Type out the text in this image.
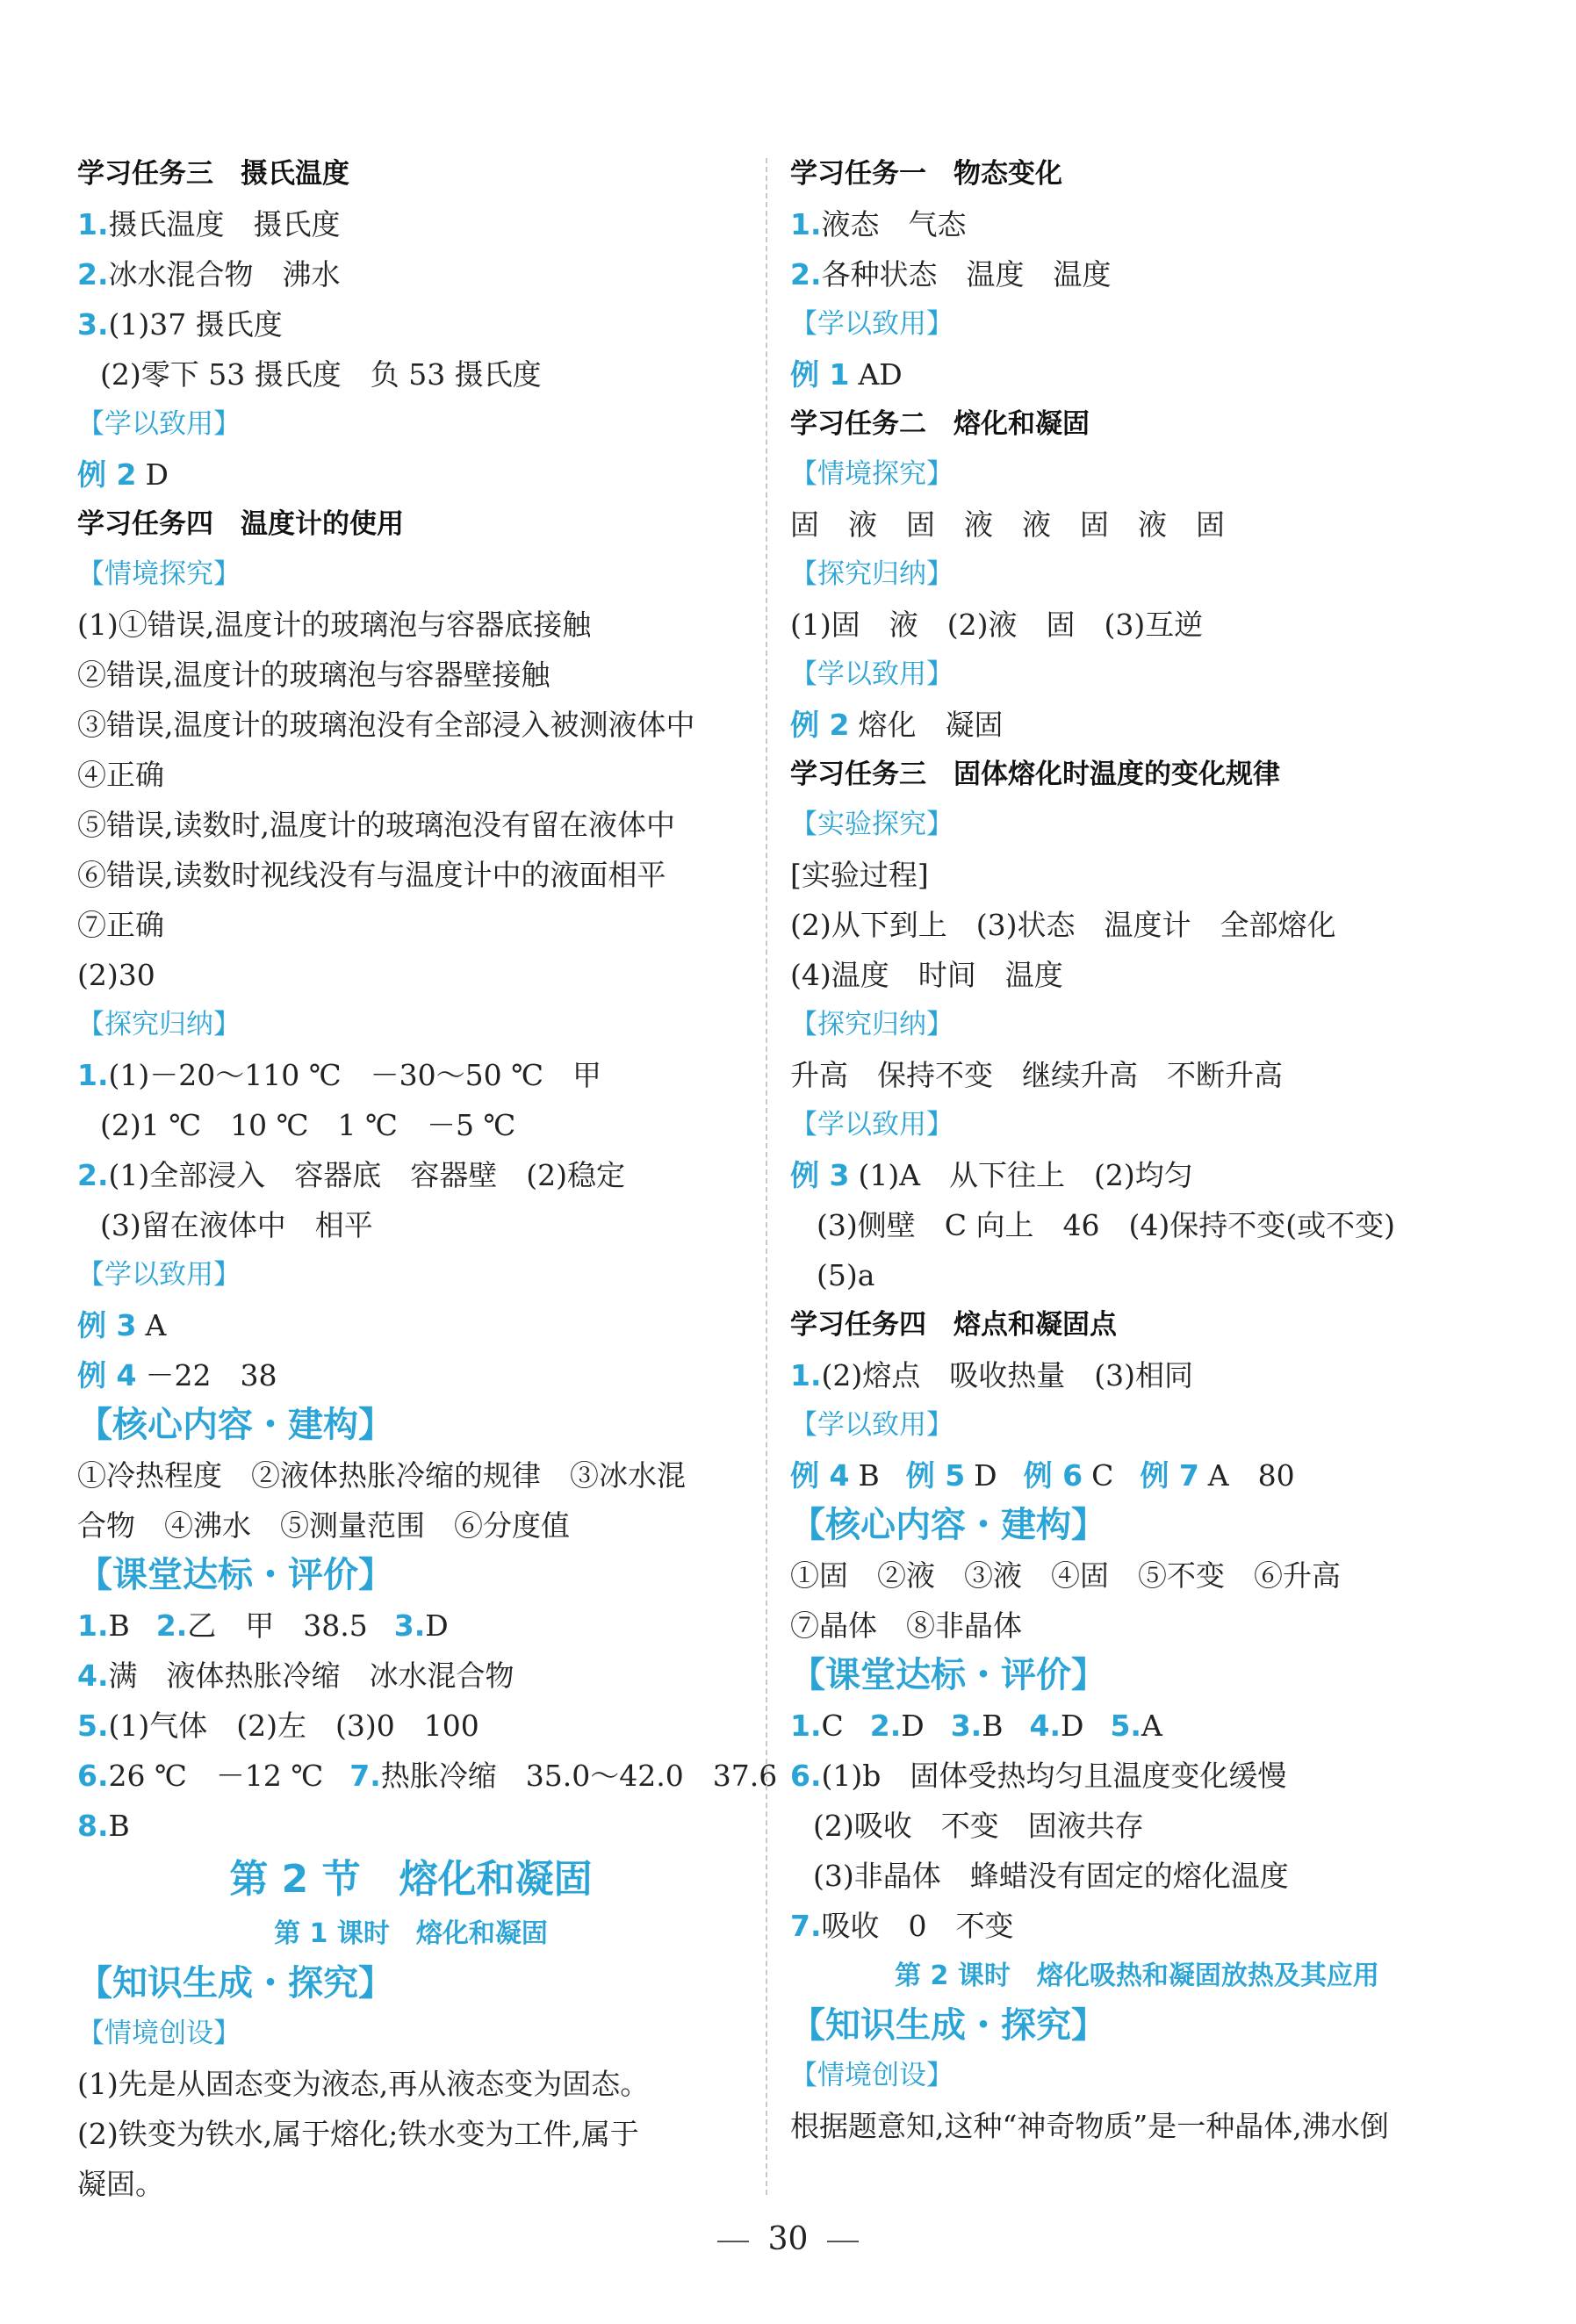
学习任务三　摄氏温度
1.摄氏温度　摄氏度
2.冰水混合物　沸水
3.(1)37 摄氏度
(2)零下 53 摄氏度　负 53 摄氏度
【学以致用】
例 2 D
学习任务四　温度计的使用
【情境探究】
(1)①错误,温度计的玻璃泡与容器底接触
②错误,温度计的玻璃泡与容器壁接触
③错误,温度计的玻璃泡没有全部浸入被测液体中
④正确
⑤错误,读数时,温度计的玻璃泡没有留在液体中
⑥错误,读数时视线没有与温度计中的液面相平
⑦正确
(2)30
【探究归纳】
1.(1)－20～110 ℃　－30～50 ℃　甲
(2)1 ℃　10 ℃　1 ℃　－5 ℃
2.(1)全部浸入　容器底　容器壁　(2)稳定
(3)留在液体中　相平
【学以致用】
例 3 A
例 4 －22　38
【核心内容・建构】
①冷热程度　②液体热胀冷缩的规律　③冰水混
合物　④沸水　⑤测量范围　⑥分度值
【课堂达标・评价】
1.B 2.乙　甲　38.5 3.D
4.满　液体热胀冷缩　冰水混合物
5.(1)气体　(2)左　(3)0　100
6.26 ℃　－12 ℃ 7.热胀冷缩　35.0～42.0　37.6
8.B
第 2 节　熔化和凝固
第 1 课时　熔化和凝固
【知识生成・探究】
【情境创设】
(1)先是从固态变为液态,再从液态变为固态。
(2)铁变为铁水,属于熔化;铁水变为工件,属于
凝固。
学习任务一　物态变化
1.液态　气态
2.各种状态　温度　温度
【学以致用】
例 1 AD
学习任务二　熔化和凝固
【情境探究】
固　液　固　液　液　固　液　固
【探究归纳】
(1)固　液　(2)液　固　(3)互逆
【学以致用】
例 2 熔化　凝固
学习任务三　固体熔化时温度的变化规律
【实验探究】
[实验过程]
(2)从下到上　(3)状态　温度计　全部熔化
(4)温度　时间　温度
【探究归纳】
升高　保持不变　继续升高　不断升高
【学以致用】
例 3 (1)A　从下往上　(2)均匀
(3)侧壁　C 向上　46　(4)保持不变(或不变)
(5)a
学习任务四　熔点和凝固点
1.(2)熔点　吸收热量　(3)相同
【学以致用】
例 4 B 例 5 D 例 6 C 例 7 A　80
【核心内容・建构】
①固　②液　③液　④固　⑤不变　⑥升高
⑦晶体　⑧非晶体
【课堂达标・评价】
1.C 2.D 3.B 4.D 5.A
6.(1)b　固体受热均匀且温度变化缓慢
(2)吸收　不变　固液共存
(3)非晶体　蜂蜡没有固定的熔化温度
7.吸收　0　不变
第 2 课时　熔化吸热和凝固放热及其应用
【知识生成・探究】
【情境创设】
根据题意知,这种“神奇物质”是一种晶体,沸水倒
30
